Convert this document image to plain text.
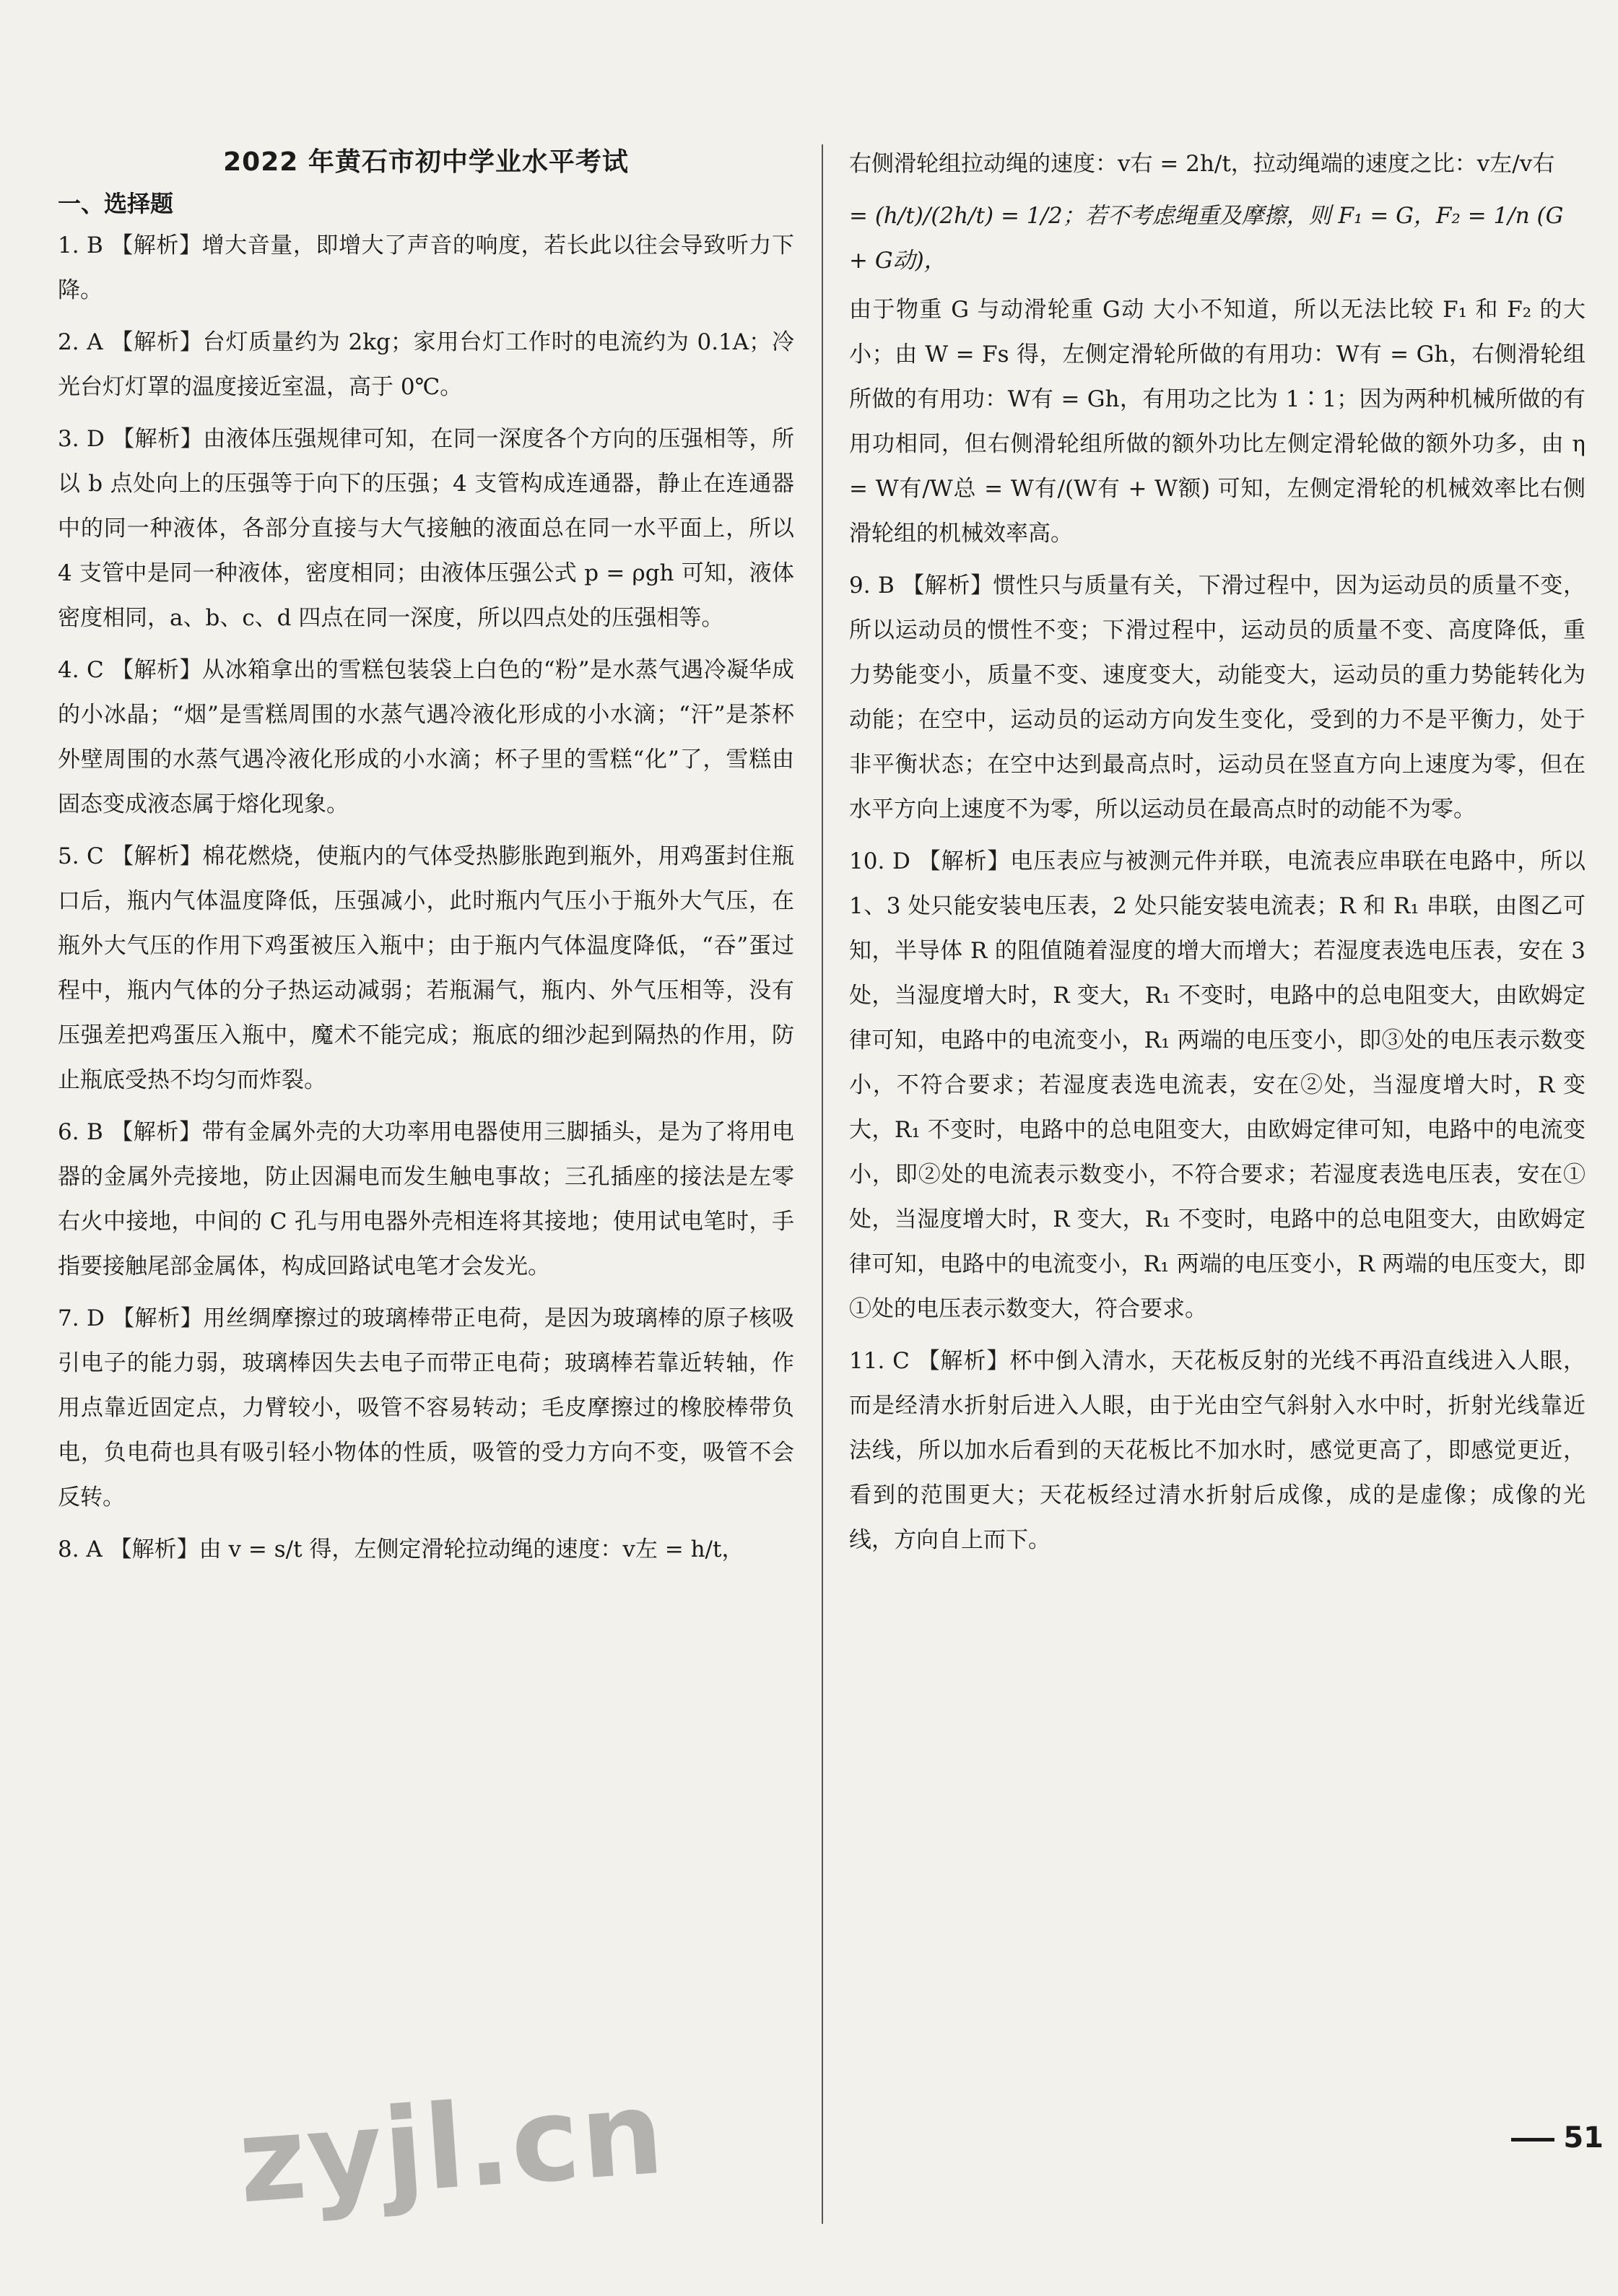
2022 年黄石市初中学业水平考试
一、选择题

1. B 【解析】增大音量，即增大了声音的响度，若长此以往会导致听力下降。

2. A 【解析】台灯质量约为 2kg；家用台灯工作时的电流约为 0.1A；冷光台灯灯罩的温度接近室温，高于 0℃。

3. D 【解析】由液体压强规律可知，在同一深度各个方向的压强相等，所以 b 点处向上的压强等于向下的压强；4 支管构成连通器，静止在连通器中的同一种液体，各部分直接与大气接触的液面总在同一水平面上，所以 4 支管中是同一种液体，密度相同；由液体压强公式 p = ρgh 可知，液体密度相同，a、b、c、d 四点在同一深度，所以四点处的压强相等。

4. C 【解析】从冰箱拿出的雪糕包装袋上白色的“粉”是水蒸气遇冷凝华成的小冰晶；“烟”是雪糕周围的水蒸气遇冷液化形成的小水滴；“汗”是茶杯外壁周围的水蒸气遇冷液化形成的小水滴；杯子里的雪糕“化”了，雪糕由固态变成液态属于熔化现象。

5. C 【解析】棉花燃烧，使瓶内的气体受热膨胀跑到瓶外，用鸡蛋封住瓶口后，瓶内气体温度降低，压强减小，此时瓶内气压小于瓶外大气压，在瓶外大气压的作用下鸡蛋被压入瓶中；由于瓶内气体温度降低，“吞”蛋过程中，瓶内气体的分子热运动减弱；若瓶漏气，瓶内、外气压相等，没有压强差把鸡蛋压入瓶中，魔术不能完成；瓶底的细沙起到隔热的作用，防止瓶底受热不均匀而炸裂。

6. B 【解析】带有金属外壳的大功率用电器使用三脚插头，是为了将用电器的金属外壳接地，防止因漏电而发生触电事故；三孔插座的接法是左零右火中接地，中间的 C 孔与用电器外壳相连将其接地；使用试电笔时，手指要接触尾部金属体，构成回路试电笔才会发光。

7. D 【解析】用丝绸摩擦过的玻璃棒带正电荷，是因为玻璃棒的原子核吸引电子的能力弱，玻璃棒因失去电子而带正电荷；玻璃棒若靠近转轴，作用点靠近固定点，力臂较小，吸管不容易转动；毛皮摩擦过的橡胶棒带负电，负电荷也具有吸引轻小物体的性质，吸管的受力方向不变，吸管不会反转。

8. A 【解析】由 v = s/t 得，左侧定滑轮拉动绳的速度：v左 = h/t，

右侧滑轮组拉动绳的速度：v右 = 2h/t，拉动绳端的速度之比：v左/v右

= (h/t)/(2h/t) = 1/2；若不考虑绳重及摩擦，则 F₁ = G，F₂ = 1/n (G + G动)，

由于物重 G 与动滑轮重 G动 大小不知道，所以无法比较 F₁ 和 F₂ 的大小；由 W = Fs 得，左侧定滑轮所做的有用功：W有 = Gh，右侧滑轮组所做的有用功：W有 = Gh，有用功之比为 1∶1；因为两种机械所做的有用功相同，但右侧滑轮组所做的额外功比左侧定滑轮做的额外功多，由 η = W有/W总 = W有/(W有 + W额) 可知，左侧定滑轮的机械效率比右侧滑轮组的机械效率高。

9. B 【解析】惯性只与质量有关，下滑过程中，因为运动员的质量不变，所以运动员的惯性不变；下滑过程中，运动员的质量不变、高度降低，重力势能变小，质量不变、速度变大，动能变大，运动员的重力势能转化为动能；在空中，运动员的运动方向发生变化，受到的力不是平衡力，处于非平衡状态；在空中达到最高点时，运动员在竖直方向上速度为零，但在水平方向上速度不为零，所以运动员在最高点时的动能不为零。

10. D 【解析】电压表应与被测元件并联，电流表应串联在电路中，所以 1、3 处只能安装电压表，2 处只能安装电流表；R 和 R₁ 串联，由图乙可知，半导体 R 的阻值随着湿度的增大而增大；若湿度表选电压表，安在 3 处，当湿度增大时，R 变大，R₁ 不变时，电路中的总电阻变大，由欧姆定律可知，电路中的电流变小，R₁ 两端的电压变小，即③处的电压表示数变小，不符合要求；若湿度表选电流表，安在②处，当湿度增大时，R 变大，R₁ 不变时，电路中的总电阻变大，由欧姆定律可知，电路中的电流变小，即②处的电流表示数变小，不符合要求；若湿度表选电压表，安在①处，当湿度增大时，R 变大，R₁ 不变时，电路中的总电阻变大，由欧姆定律可知，电路中的电流变小，R₁ 两端的电压变小，R 两端的电压变大，即①处的电压表示数变大，符合要求。

11. C 【解析】杯中倒入清水，天花板反射的光线不再沿直线进入人眼，而是经清水折射后进入人眼，由于光由空气斜射入水中时，折射光线靠近法线，所以加水后看到的天花板比不加水时，感觉更高了，即感觉更近，看到的范围更大；天花板经过清水折射后成像，成的是虚像；成像的光线，方向自上而下。

zyjl.cn	51
